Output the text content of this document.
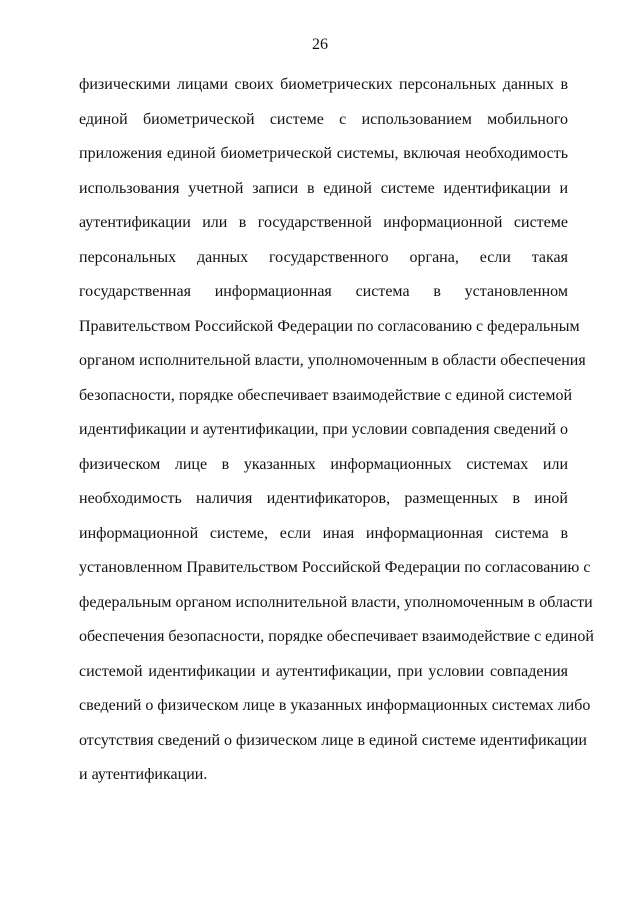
26
физическими лицами своих биометрических персональных данных в
единой биометрической системе с использованием мобильного
приложения единой биометрической системы, включая необходимость
использования учетной записи в единой системе идентификации и
аутентификации или в государственной информационной системе
персональных данных государственного органа, если такая
государственная информационная система в установленном
Правительством Российской Федерации по согласованию с федеральным
органом исполнительной власти, уполномоченным в области обеспечения
безопасности, порядке обеспечивает взаимодействие с единой системой
идентификации и аутентификации, при условии совпадения сведений о
физическом лице в указанных информационных системах или
необходимость наличия идентификаторов, размещенных в иной
информационной системе, если иная информационная система в
установленном Правительством Российской Федерации по согласованию с
федеральным органом исполнительной власти, уполномоченным в области
обеспечения безопасности, порядке обеспечивает взаимодействие с единой
системой идентификации и аутентификации, при условии совпадения
сведений о физическом лице в указанных информационных системах либо
отсутствия сведений о физическом лице в единой системе идентификации
и аутентификации.
